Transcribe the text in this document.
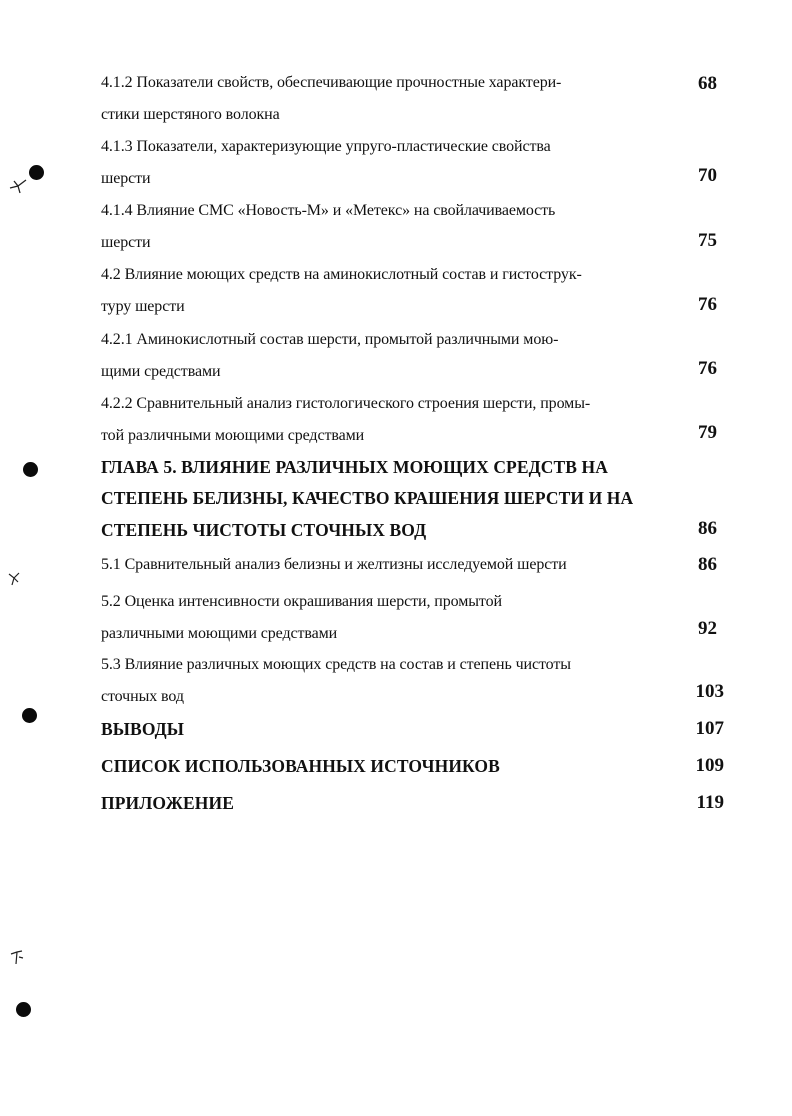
4.1.2 Показатели свойств, обеспечивающие прочностные характери-
стики шерстяного волокна
68
4.1.3 Показатели, характеризующие упруго-пластические свойства
шерсти	70
4.1.4 Влияние СМС «Новость-М» и «Метекс» на свойлачиваемость
шерсти	75
4.2 Влияние моющих средств на аминокислотный состав и гистострук-
туру шерсти	76
4.2.1 Аминокислотный состав шерсти, промытой различными мою-
щими средствами	76
4.2.2 Сравнительный анализ гистологического строения шерсти, промы-
той различными моющими средствами	79
ГЛАВА 5. ВЛИЯНИЕ РАЗЛИЧНЫХ МОЮЩИХ СРЕДСТВ НА
СТЕПЕНЬ БЕЛИЗНЫ, КАЧЕСТВО КРАШЕНИЯ ШЕРСТИ И НА
СТЕПЕНЬ ЧИСТОТЫ СТОЧНЫХ ВОД	86
5.1 Сравнительный анализ белизны и желтизны исследуемой шерсти	86
5.2 Оценка интенсивности окрашивания шерсти, промытой
различными моющими средствами	92
5.3 Влияние различных моющих средств на состав и степень чистоты
сточных вод	103
ВЫВОДЫ	107
СПИСОК ИСПОЛЬЗОВАННЫХ ИСТОЧНИКОВ	109
ПРИЛОЖЕНИЕ	119
